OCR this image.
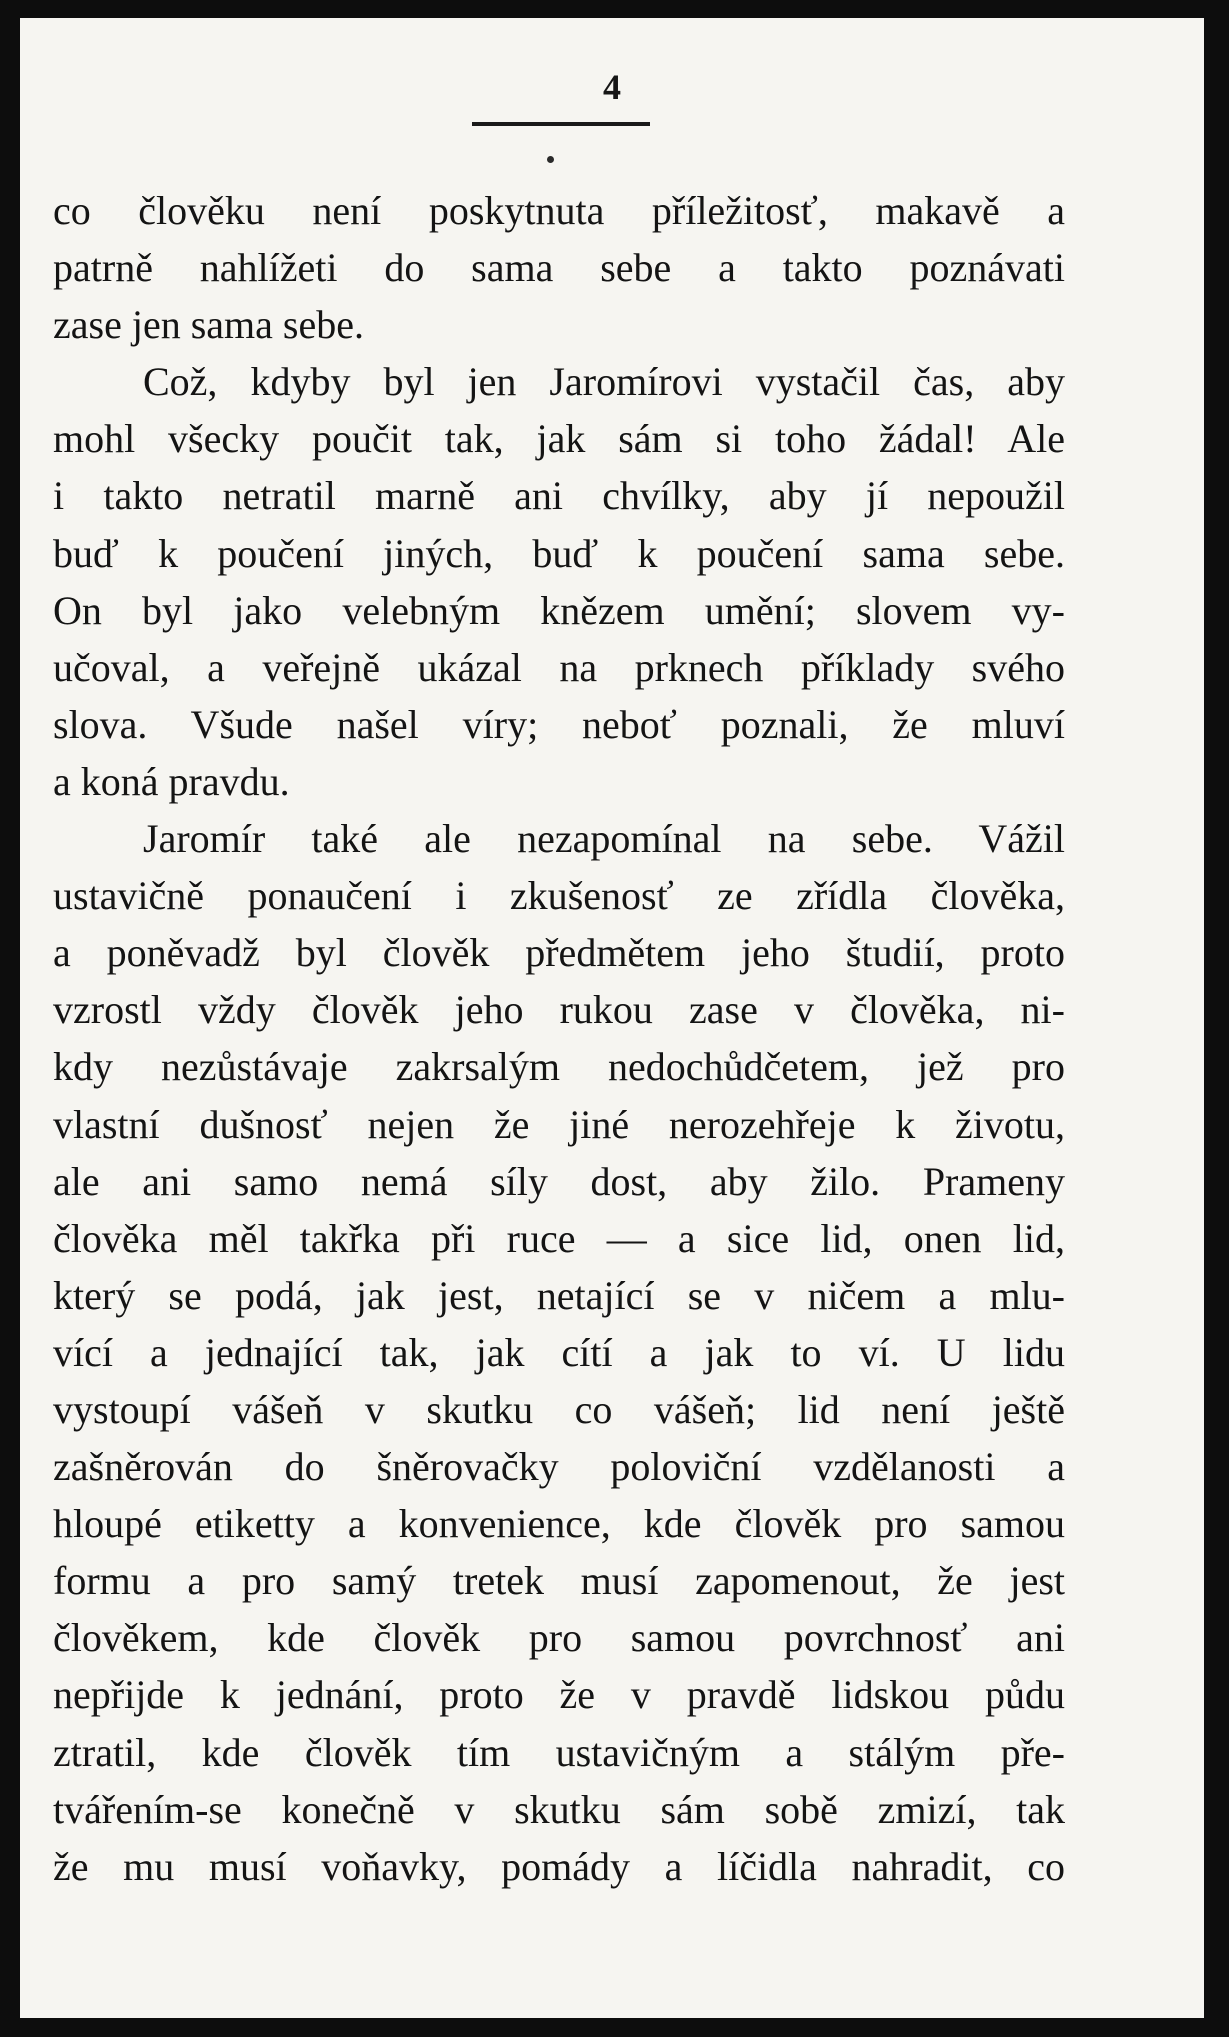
4
co člověku není poskytnuta příležitosť, makavě a
patrně nahlížeti do sama sebe a takto poznávati
zase jen sama sebe.
Což, kdyby byl jen Jaromírovi vystačil čas, aby
mohl všecky poučit tak, jak sám si toho žádal! Ale
i takto netratil marně ani chvílky, aby jí nepoužil
buď k poučení jiných, buď k poučení sama sebe.
On byl jako velebným knězem umění; slovem vy-
učoval, a veřejně ukázal na prknech příklady svého
slova. Všude našel víry; neboť poznali, že mluví
a koná pravdu.
Jaromír také ale nezapomínal na sebe. Vážil
ustavičně ponaučení i zkušenosť ze zřídla člověka,
a poněvadž byl člověk předmětem jeho študií, proto
vzrostl vždy člověk jeho rukou zase v člověka, ni-
kdy nezůstávaje zakrsalým nedochůdčetem, jež pro
vlastní dušnosť nejen že jiné nerozehřeje k životu,
ale ani samo nemá síly dost, aby žilo. Prameny
člověka měl takřka při ruce — a sice lid, onen lid,
který se podá, jak jest, netající se v ničem a mlu-
vící a jednající tak, jak cítí a jak to ví. U lidu
vystoupí vášeň v skutku co vášeň; lid není ještě
zašněrován do šněrovačky poloviční vzdělanosti a
hloupé etiketty a konvenience, kde člověk pro samou
formu a pro samý tretek musí zapomenout, že jest
člověkem, kde člověk pro samou povrchnosť ani
nepřijde k jednání, proto že v pravdě lidskou půdu
ztratil, kde člověk tím ustavičným a stálým pře-
tvářením-se konečně v skutku sám sobě zmizí, tak
že mu musí voňavky, pomády a líčidla nahradit, co
